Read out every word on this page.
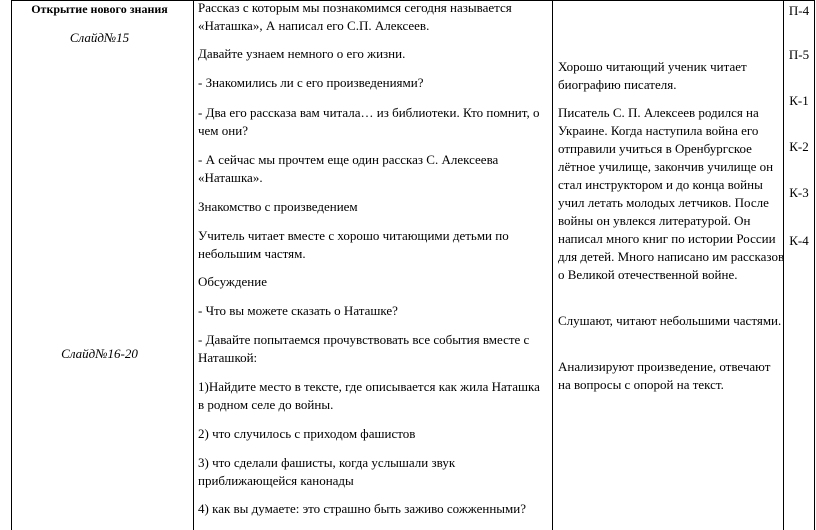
Открытие нового знания
Слайд№15
Слайд№16-20

Рассказ с которым мы познакомимся сегодня называется «Наташка», А написал его С.П. Алексеев.

Давайте узнаем немного о его жизни.

- Знакомились ли с его произведениями?

- Два его рассказа вам читала… из библиотеки. Кто помнит, о чем они?

- А сейчас мы прочтем еще один рассказ С. Алексеева «Наташка».

Знакомство с произведением

Учитель читает вместе с хорошо читающими детьми по небольшим частям.

Обсуждение

- Что вы можете сказать о Наташке?

- Давайте попытаемся прочувствовать все события вместе с Наташкой:

1)Найдите место в тексте, где описывается как жила Наташка в родном селе до войны.

2) что случилось с приходом фашистов

3) что сделали фашисты, когда услышали звук приближающейся канонады

4) как вы думаете: это страшно быть заживо сожженными?

Хорошо читающий ученик читает биографию писателя.

Писатель С. П. Алексеев родился на Украине. Когда наступила война его отправили учиться в Оренбургское лётное училище, закончив училище он стал инструктором и до конца войны учил летать молодых летчиков. После войны он увлекся литературой. Он написал много книг по истории России для детей. Много написано им рассказов о Великой отечественной войне.

Слушают, читают небольшими частями.

Анализируют произведение, отвечают на вопросы с опорой на текст.

П-4
П-5
К-1
К-2
К-3
К-4
